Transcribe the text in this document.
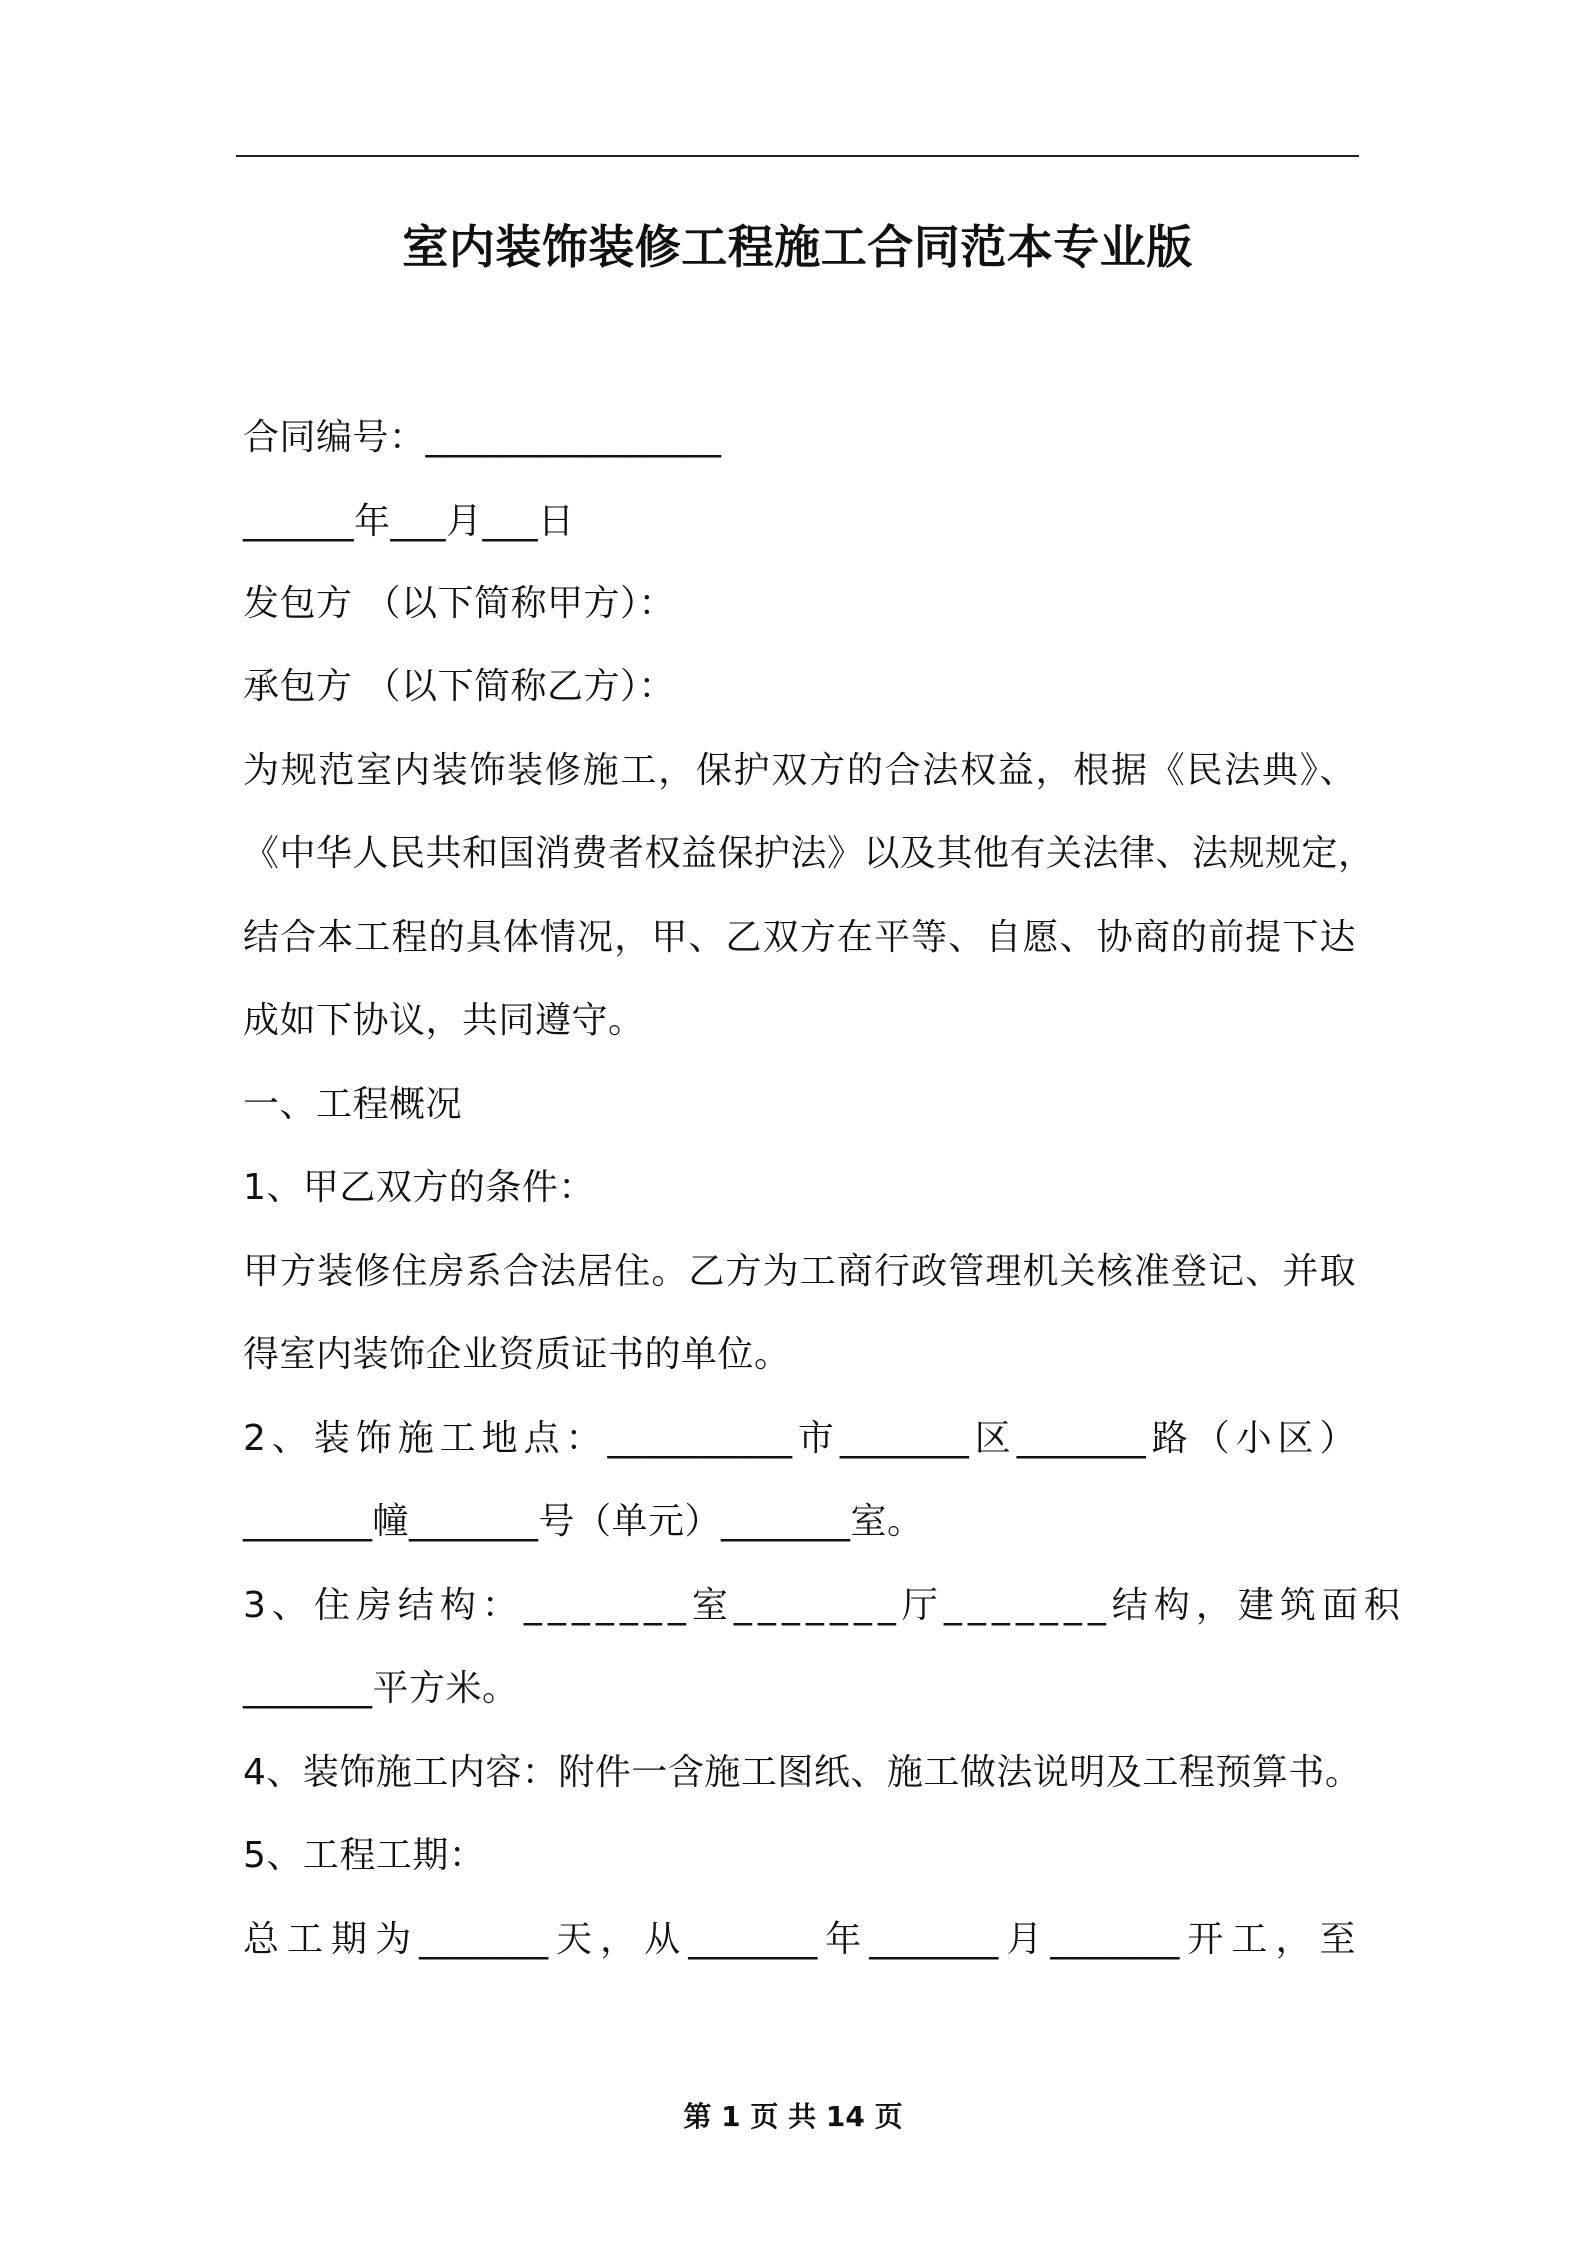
室内装饰装修工程施工合同范本专业版
合同编号：________________
______年___月___日
发包方 （以下简称甲方）：
承包方 （以下简称乙方）：
为规范室内装饰装修施工，保护双方的合法权益，根据《民法典》、
《中华人民共和国消费者权益保护法》以及其他有关法律、法规规定，
结合本工程的具体情况，甲、乙双方在平等、自愿、协商的前提下达
成如下协议，共同遵守。
一、工程概况
1、甲乙双方的条件：
甲方装修住房系合法居住。乙方为工商行政管理机关核准登记、并取
得室内装饰企业资质证书的单位。
2、装饰施工地点：__________市_______区_______路（小区）
_______幢_______号（单元）_______室。
3、住房结构：_______室_______厅_______结构，建筑面积
_______平方米。
4、装饰施工内容：附件一含施工图纸、施工做法说明及工程预算书。
5、工程工期：
总工期为_______天，从_______年_______月_______开工，至
第 1 页 共 14 页
